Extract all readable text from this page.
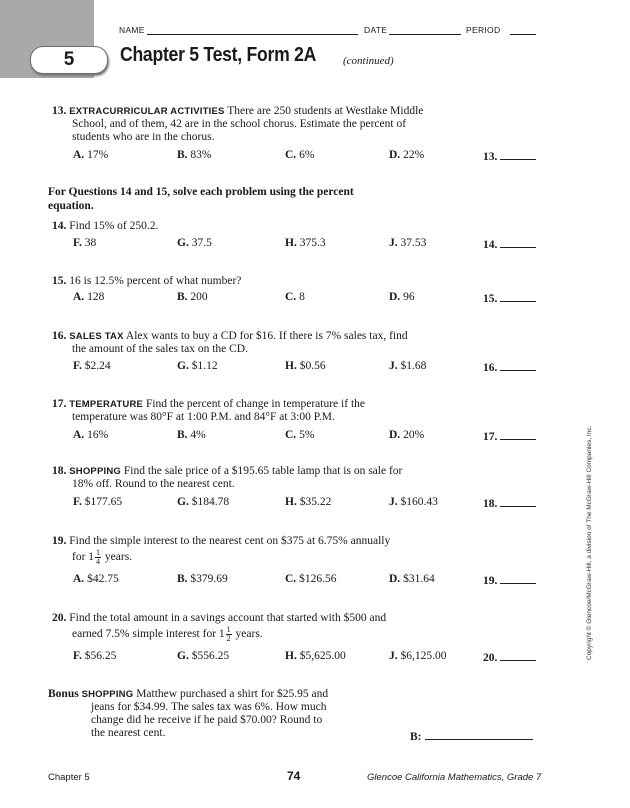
5
NAME	DATE	PERIOD
Chapter 5 Test, Form 2A (continued)
13. EXTRACURRICULAR ACTIVITIES There are 250 students at Westlake Middle
School, and of them, 42 are in the school chorus. Estimate the percent of
students who are in the chorus.
A. 17%	B. 83%	C. 6%	D. 22%	13.
For Questions 14 and 15, solve each problem using the percent
equation.
14. Find 15% of 250.2.
F. 38	G. 37.5	H. 375.3	J. 37.53	14.
15. 16 is 12.5% percent of what number?
A. 128	B. 200	C. 8	D. 96	15.
16. SALES TAX Alex wants to buy a CD for $16. If there is 7% sales tax, find
the amount of the sales tax on the CD.
F. $2.24	G. $1.12	H. $0.56	J. $1.68	16.
17. TEMPERATURE Find the percent of change in temperature if the
temperature was 80°F at 1:00 P.M. and 84°F at 3:00 P.M.
A. 16%	B. 4%	C. 5%	D. 20%	17.
18. SHOPPING Find the sale price of a $195.65 table lamp that is on sale for
18% off. Round to the nearest cent.
F. $177.65	G. $184.78	H. $35.22	J. $160.43	18.
19. Find the simple interest to the nearest cent on $375 at 6.75% annually
for $1 \frac{1}{4}$ years.
A. $42.75	B. $379.69	C. $126.56	D. $31.64	19.
20. Find the total amount in a savings account that started with $500 and
earned 7.5% simple interest for $1 \frac{1}{2}$ years.
F. $56.25	G. $556.25	H. $5,625.00	J. $6,125.00	20.
Bonus SHOPPING Matthew purchased a shirt for $25.95 and
jeans for $34.99. The sales tax was 6%. How much
change did he receive if he paid $70.00? Round to
the nearest cent.	B:
Copyright © Glencoe/McGraw-Hill, a division of The McGraw-Hill Companies, Inc.
Chapter 5	74	Glencoe California Mathematics, Grade 7
